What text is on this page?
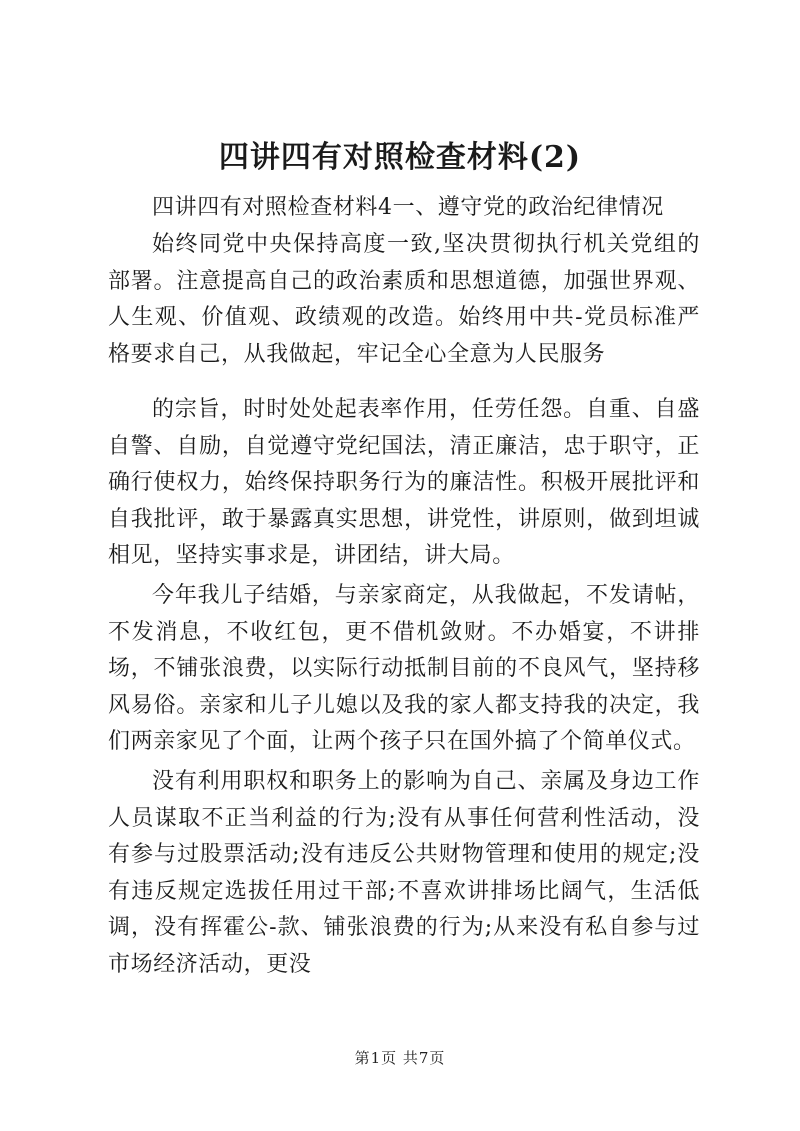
四讲四有对照检查材料(2)

四讲四有对照检查材料4一、遵守党的政治纪律情况

始终同党中央保持高度一致,坚决贯彻执行机关党组的部署。注意提高自己的政治素质和思想道德，加强世界观、人生观、价值观、政绩观的改造。始终用中共-党员标准严格要求自己，从我做起，牢记全心全意为人民服务

的宗旨，时时处处起表率作用，任劳任怨。自重、自盛自警、自励，自觉遵守党纪国法，清正廉洁，忠于职守，正确行使权力，始终保持职务行为的廉洁性。积极开展批评和自我批评，敢于暴露真实思想，讲党性，讲原则，做到坦诚相见，坚持实事求是，讲团结，讲大局。

今年我儿子结婚，与亲家商定，从我做起，不发请帖，不发消息，不收红包，更不借机敛财。不办婚宴，不讲排场，不铺张浪费，以实际行动抵制目前的不良风气，坚持移风易俗。亲家和儿子儿媳以及我的家人都支持我的决定，我们两亲家见了个面，让两个孩子只在国外搞了个简单仪式。

没有利用职权和职务上的影响为自己、亲属及身边工作人员谋取不正当利益的行为;没有从事任何营利性活动，没有参与过股票活动;没有违反公共财物管理和使用的规定;没有违反规定选拔任用过干部;不喜欢讲排场比阔气，生活低调，没有挥霍公-款、铺张浪费的行为;从来没有私自参与过市场经济活动，更没

第1页 共7页
